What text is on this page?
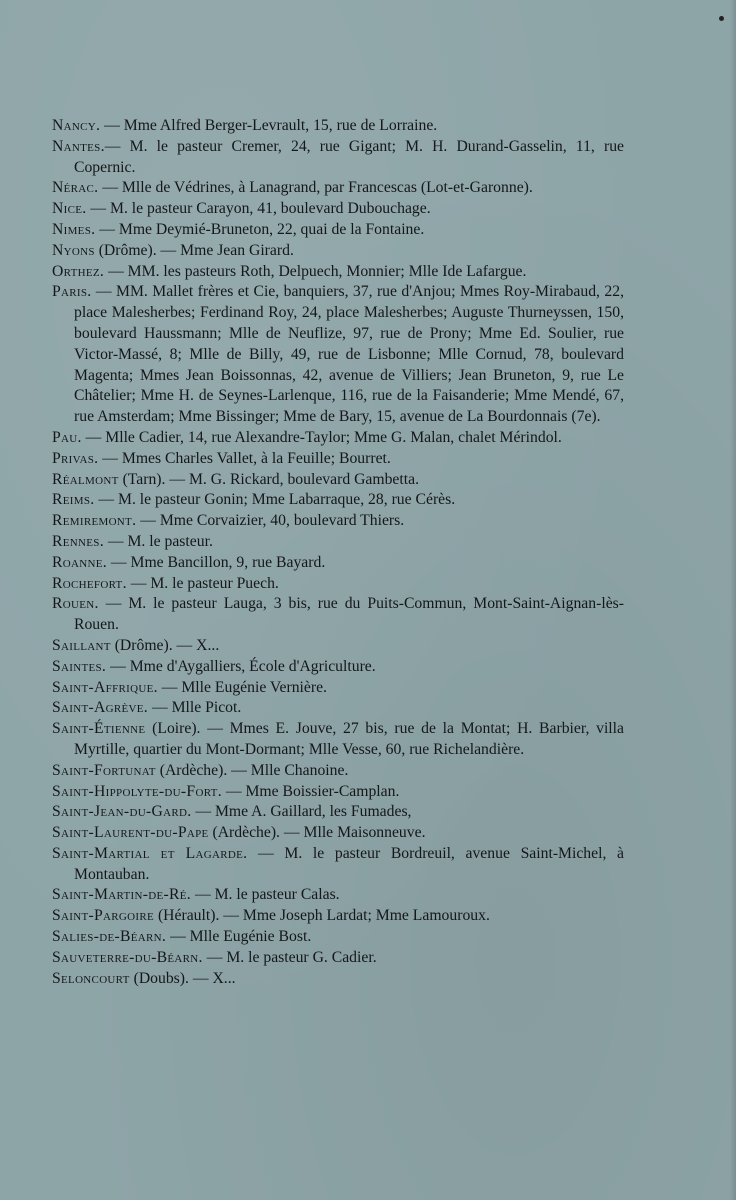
Nancy. — Mme Alfred Berger-Levrault, 15, rue de Lorraine.

Nantes.— M. le pasteur Cremer, 24, rue Gigant; M. H. Durand-Gasselin, 11, rue Copernic.

Nérac. — Mlle de Védrines, à Lanagrand, par Francescas (Lot-et-Garonne).

Nice. — M. le pasteur Carayon, 41, boulevard Dubouchage.

Nimes. — Mme Deymié-Bruneton, 22, quai de la Fontaine.

Nyons (Drôme). — Mme Jean Girard.

Orthez. — MM. les pasteurs Roth, Delpuech, Monnier; Mlle Ide Lafargue.

Paris. — MM. Mallet frères et Cie, banquiers, 37, rue d'Anjou; Mmes Roy-Mirabaud, 22, place Malesherbes; Ferdinand Roy, 24, place Malesherbes; Auguste Thurneyssen, 150, boulevard Haussmann; Mlle de Neuflize, 97, rue de Prony; Mme Ed. Soulier, rue Victor-Massé, 8; Mlle de Billy, 49, rue de Lisbonne; Mlle Cornud, 78, boulevard Magenta; Mmes Jean Boissonnas, 42, avenue de Villiers; Jean Bruneton, 9, rue Le Châtelier; Mme H. de Seynes-Larlenque, 116, rue de la Faisanderie; Mme Mendé, 67, rue Amsterdam; Mme Bissinger; Mme de Bary, 15, avenue de La Bourdonnais (7e).

Pau. — Mlle Cadier, 14, rue Alexandre-Taylor; Mme G. Malan, chalet Mérindol.

Privas. — Mmes Charles Vallet, à la Feuille; Bourret.

Réalmont (Tarn). — M. G. Rickard, boulevard Gambetta.

Reims. — M. le pasteur Gonin; Mme Labarraque, 28, rue Cérès.

Remiremont. — Mme Corvaizier, 40, boulevard Thiers.

Rennes. — M. le pasteur.

Roanne. — Mme Bancillon, 9, rue Bayard.

Rochefort. — M. le pasteur Puech.

Rouen. — M. le pasteur Lauga, 3 bis, rue du Puits-Commun, Mont-Saint-Aignan-lès-Rouen.

Saillant (Drôme). — X...

Saintes. — Mme d'Aygalliers, École d'Agriculture.

Saint-Affrique. — Mlle Eugénie Vernière.

Saint-Agrève. — Mlle Picot.

Saint-Étienne (Loire). — Mmes E. Jouve, 27 bis, rue de la Montat; H. Barbier, villa Myrtille, quartier du Mont-Dormant; Mlle Vesse, 60, rue Richelandière.

Saint-Fortunat (Ardèche). — Mlle Chanoine.

Saint-Hippolyte-du-Fort. — Mme Boissier-Camplan.

Saint-Jean-du-Gard. — Mme A. Gaillard, les Fumades,

Saint-Laurent-du-Pape (Ardèche). — Mlle Maisonneuve.

Saint-Martial et Lagarde. — M. le pasteur Bordreuil, avenue Saint-Michel, à Montauban.

Saint-Martin-de-Ré. — M. le pasteur Calas.

Saint-Pargoire (Hérault). — Mme Joseph Lardat; Mme Lamouroux.

Salies-de-Béarn. — Mlle Eugénie Bost.

Sauveterre-du-Béarn. — M. le pasteur G. Cadier.

Seloncourt (Doubs). — X...
